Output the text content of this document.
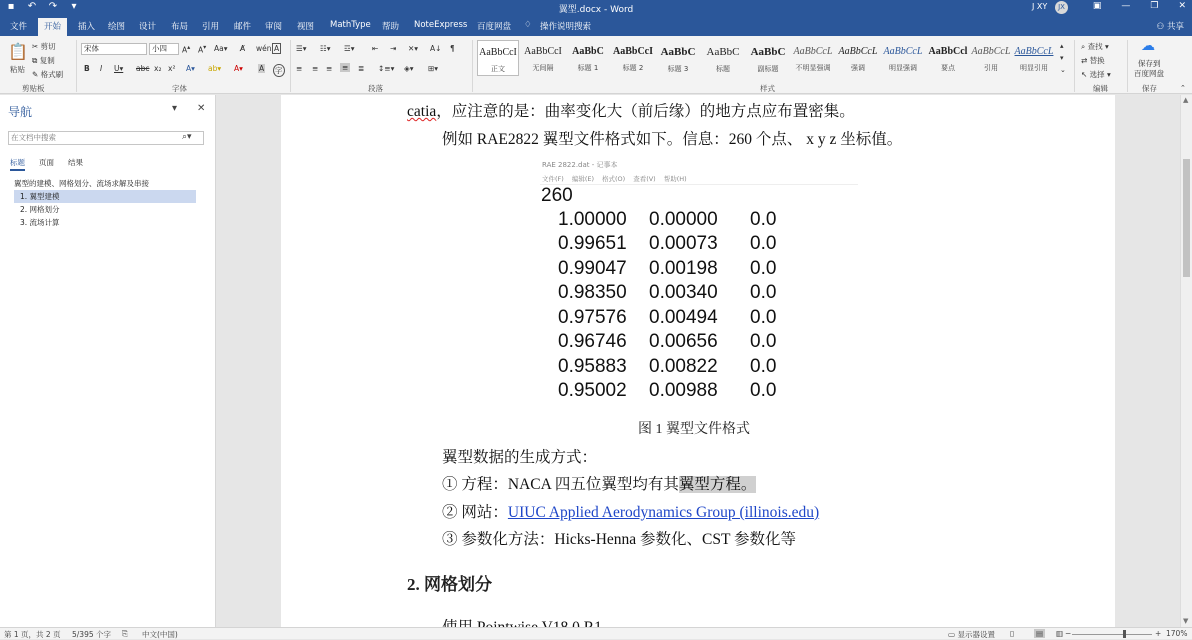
▪	↶ ↷	▾	翼型.docx - Word	J XY	JX	▣ — ❐ ✕
文件	开始	插入 绘图 设计 布局 引用 邮件 审阅 视图 MathType 帮助 NoteExpress 百度网盘 ♢ 操作说明搜索	⚇ 共享
📋
粘贴
✂ 剪切
⧉ 复制
✎ 格式刷
剪贴板
宋体	小四	A▴ A▾ Aa▾ A̸ wén A
B I U▾ abc x₂ x² A▾ ab▾ A▾ A 字
字体
☰▾ ☷▾ ☲▾ ⇤ ⇥ ✕▾ A↓ ¶
≡ ≡ ≡ ≡ ≣ ↕≡▾ ◈▾ ⊞▾
段落
AaBbCcI
正文
AaBbCcI
无间隔
AaBbC
标题 1
AaBbCcI
标题 2
AaBbC
标题 3
AaBbC
标题
AaBbC
副标题
AaBbCcL
不明显强调
AaBbCcL
强调
AaBbCcL
明显强调
AaBbCcl
要点
AaBbCcL
引用
AaBbCcL
明显引用
▴
▾
⌄
样式
⌕ 查找 ▾
⇄ 替换
↖ 选择 ▾
编辑
☁
保存到
百度网盘
保存	⌃
导航	▾ ✕
在文档中搜索	⌕▾
标题 页面 结果
翼型的建模、网格划分、流场求解及串接
1. 翼型建模
2. 网格划分
3. 流场计算
catia，应注意的是：曲率变化大（前后缘）的地方点应布置密集。
例如 RAE2822 翼型文件格式如下。信息：260 个点、 x y z 坐标值。
RAE 2822.dat - 记事本
文件(F) 编辑(E) 格式(O) 查看(V) 帮助(H)
260
1.00000 0.00000 0.0
0.99651 0.00073 0.0
0.99047 0.00198 0.0
0.98350 0.00340 0.0
0.97576 0.00494 0.0
0.96746 0.00656 0.0
0.95883 0.00822 0.0
0.95002 0.00988 0.0
图 1 翼型文件格式
翼型数据的生成方式：
① 方程：NACA 四五位翼型均有其翼型方程。
② 网站：UIUC Applied Aerodynamics Group (illinois.edu)
③ 参数化方法：Hicks-Henna 参数化、CST 参数化等
2. 网格划分
▲
▼
第 1 页，共 2 页 5/395 个字 ⎘ 中文(中国)	▭ 显示器设置 ▯	▤ ▥ −	+ 170%
